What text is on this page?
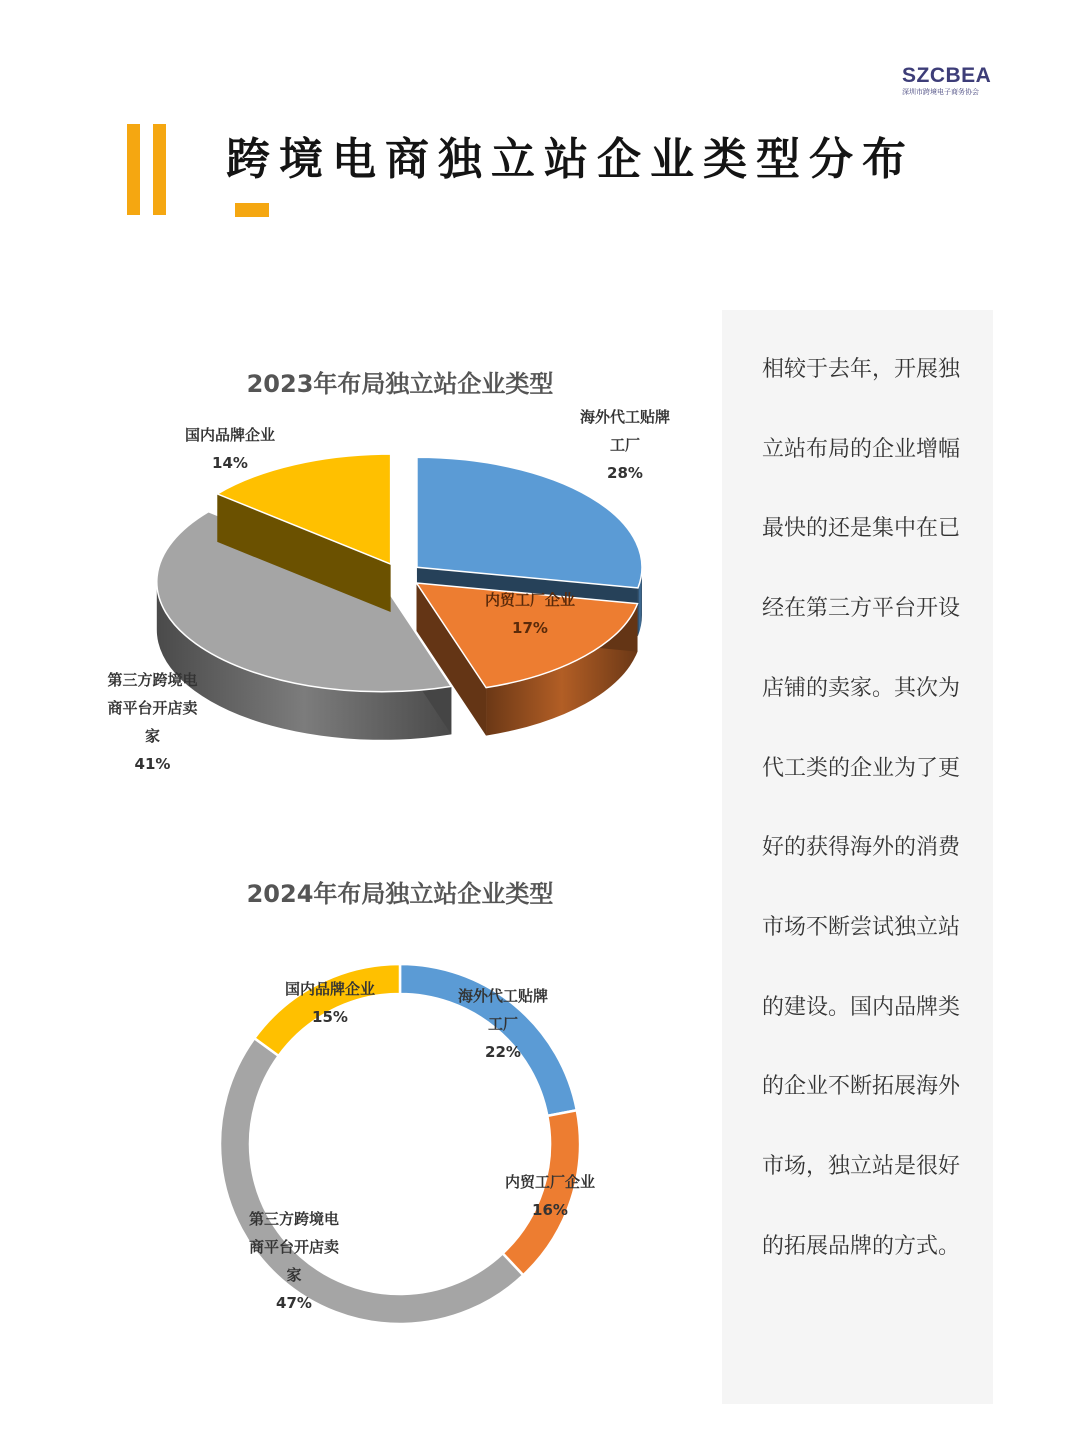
SZCBEA
深圳市跨境电子商务协会
跨境电商独立站企业类型分布
2023年布局独立站企业类型
海外代工贴牌工厂
28%
内贸工厂企业
17%
第三方跨境电商平台开店卖家
41%
国内品牌企业
14%
2024年布局独立站企业类型
海外代工贴牌工厂
22%
内贸工厂企业
16%
第三方跨境电商平台开店卖家
47%
国内品牌企业
15%
相较于去年，开展独立站布局的企业增幅最快的还是集中在已经在第三方平台开设店铺的卖家。其次为代工类的企业为了更好的获得海外的消费市场不断尝试独立站的建设。国内品牌类的企业不断拓展海外市场，独立站是很好的拓展品牌的方式。
